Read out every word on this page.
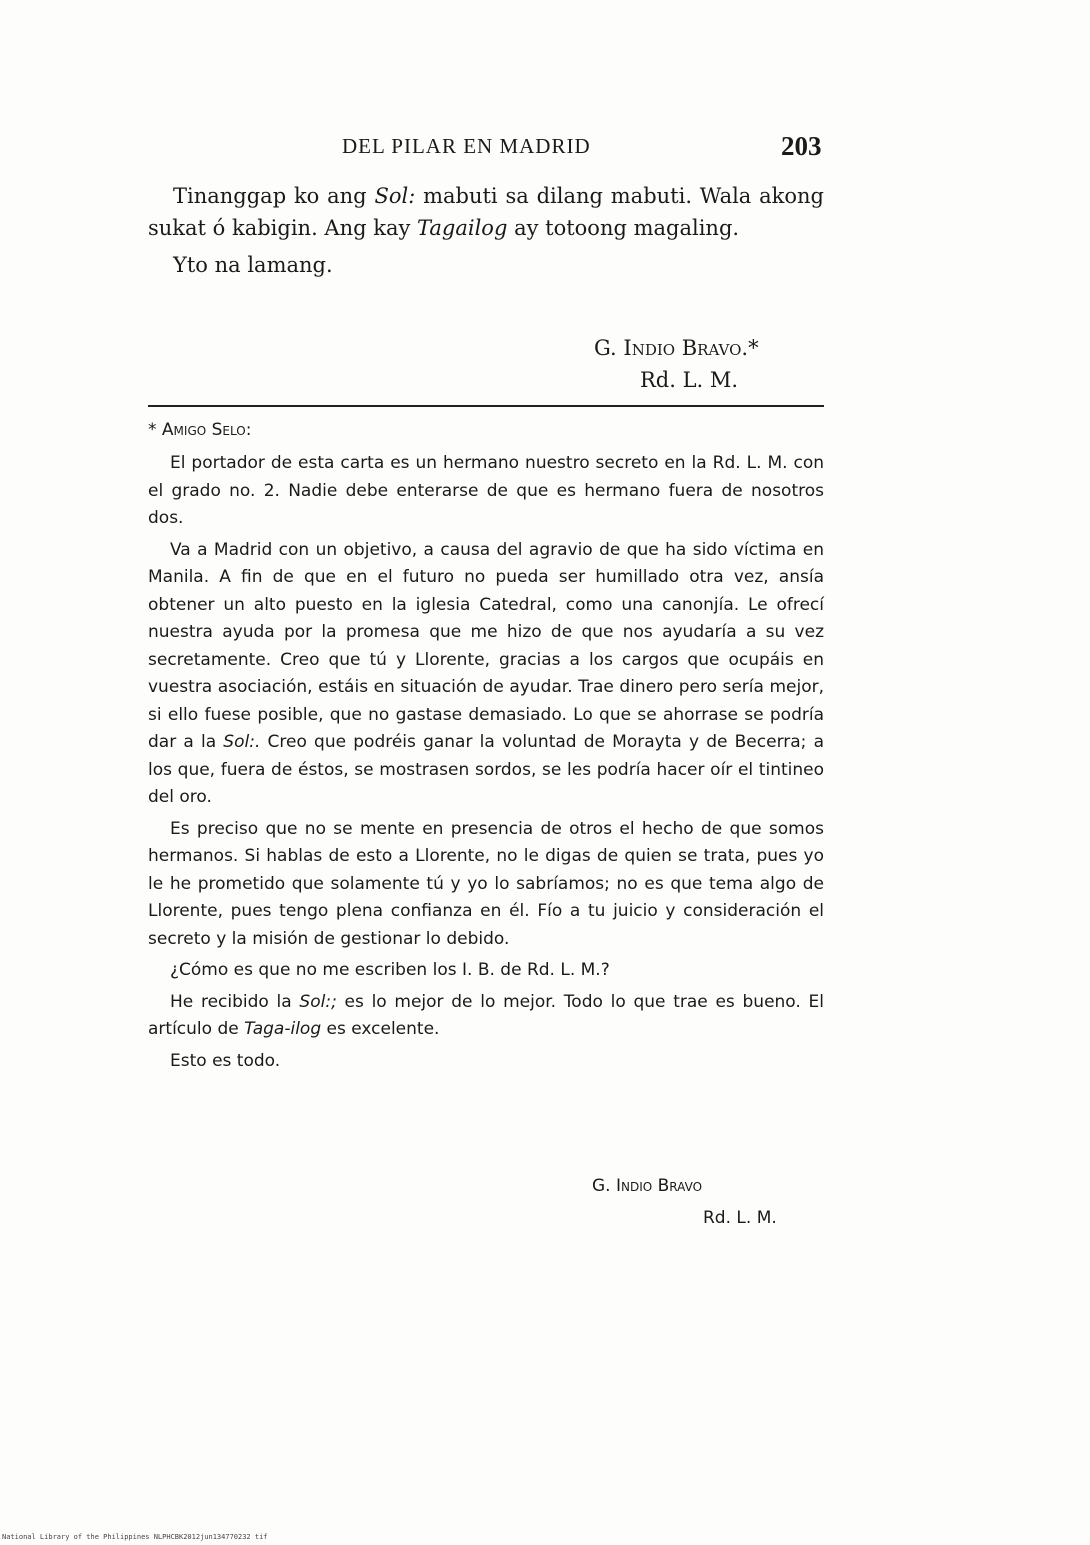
DEL PILAR EN MADRID	203

Tinanggap ko ang Sol: mabuti sa dilang mabuti. Wala akong sukat ó kabigin. Ang kay Tagailog ay totoong magaling.

Yto na lamang.

G. Indio Bravo.*
Rd. L. M.
* Amigo Selo:

El portador de esta carta es un hermano nuestro secreto en la Rd. L. M. con el grado no. 2. Nadie debe enterarse de que es hermano fuera de nosotros dos.

Va a Madrid con un objetivo, a causa del agravio de que ha sido víctima en Manila. A fin de que en el futuro no pueda ser humillado otra vez, ansía obtener un alto puesto en la iglesia Catedral, como una canonjía. Le ofrecí nuestra ayuda por la promesa que me hizo de que nos ayudaría a su vez secretamente. Creo que tú y Llorente, gracias a los cargos que ocupáis en vuestra asociación, estáis en situación de ayudar. Trae dinero pero sería mejor, si ello fuese posible, que no gastase demasiado. Lo que se ahorrase se podría dar a la Sol:. Creo que podréis ganar la voluntad de Morayta y de Becerra; a los que, fuera de éstos, se mostrasen sordos, se les podría hacer oír el tintineo del oro.

Es preciso que no se mente en presencia de otros el hecho de que somos hermanos. Si hablas de esto a Llorente, no le digas de quien se trata, pues yo le he prometido que solamente tú y yo lo sabríamos; no es que tema algo de Llorente, pues tengo plena confianza en él. Fío a tu juicio y consideración el secreto y la misión de gestionar lo debido.

¿Cómo es que no me escriben los I. B. de Rd. L. M.?

He recibido la Sol:; es lo mejor de lo mejor. Todo lo que trae es bueno. El artículo de Taga-ilog es excelente.

Esto es todo.

G. Indio Bravo
Rd. L. M.
National Library of the Philippines NLPHCBK2012jun134770232 tif
